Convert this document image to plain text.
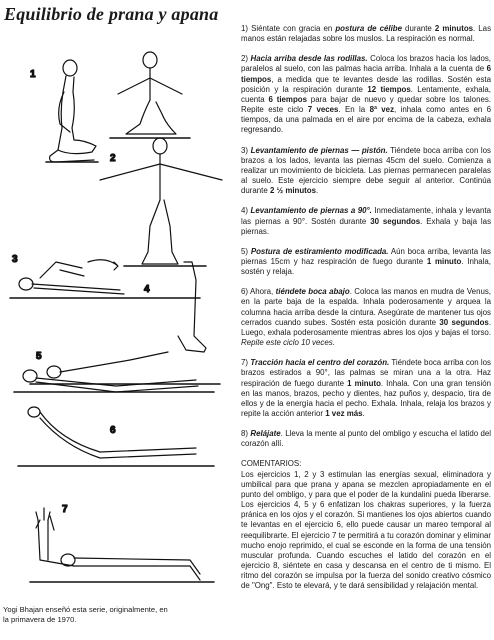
Equilibrio de prana y apana
1
2
3
4
5
6
7
Yogi Bhajan enseñó esta serie, originalmente, en la primavera de 1970.

1) Siéntate con gracia en postura de célibe durante 2 minutos. Las manos están relajadas sobre los muslos. La respiración es normal.

2) Hacia arriba desde las rodillas. Coloca los brazos hacia los lados, paralelos al suelo, con las palmas hacia arriba. Inhala a la cuenta de 6 tiempos, a medida que te levantes desde las rodillas. Sostén esta posición y la respiración durante 12 tiempos. Lentamente, exhala, cuenta 6 tiempos para bajar de nuevo y quedar sobre los talones. Repite este ciclo 7 veces. En la 8ª vez, inhala como antes en 6 tiempos, da una palmada en el aire por encima de la cabeza, exhala regresando.

3) Levantamiento de piernas — pistón. Tiéndete boca arriba con los brazos a los lados, levanta las piernas 45cm del suelo. Comienza a realizar un movimiento de bicicleta. Las piernas permanecen paralelas al suelo. Este ejercicio siempre debe seguir al anterior. Continúa durante 2 ½ minutos.

4) Levantamiento de piernas a 90°. Inmediatamente, inhala y levanta las piernas a 90°. Sostén durante 30 segundos. Exhala y baja las piernas.

5) Postura de estiramiento modificada. Aún boca arriba, levanta las piernas 15cm y haz respiración de fuego durante 1 minuto. Inhala, sostén y relaja.

6) Ahora, tiéndete boca abajo. Coloca las manos en mudra de Venus, en la parte baja de la espalda. Inhala poderosamente y arquea la columna hacia arriba desde la cintura. Asegúrate de mantener tus ojos cerrados cuando subes. Sostén esta posición durante 30 segundos. Luego, exhala poderosamente mientras abres los ojos y bajas el torso. Repite este ciclo 10 veces.

7) Tracción hacia el centro del corazón. Tiéndete boca arriba con los brazos estirados a 90°, las palmas se miran una a la otra. Haz respiración de fuego durante 1 minuto. Inhala. Con una gran tensión en las manos, brazos, pecho y dientes, haz puños y, despacio, tira de ellos y de la energía hacia el pecho. Exhala. Inhala, relaja los brazos y repite la acción anterior 1 vez más.

8) Relájate. Lleva la mente al punto del ombligo y escucha el latido del corazón allí.

COMENTARIOS:

Los ejercicios 1, 2 y 3 estimulan las energías sexual, eliminadora y umbilical para que prana y apana se mezclen apropiadamente en el punto del ombligo, y para que el poder de la kundalini pueda liberarse. Los ejercicios 4, 5 y 6 enfatizan los chakras superiores, y la fuerza pránica en los ojos y el corazón. Si mantienes los ojos abiertos cuando te levantas en el ejercicio 6, ello puede causar un mareo temporal al reequilibrarte. El ejercicio 7 te permitirá a tu corazón dominar y eliminar mucho enojo reprimido, el cual se esconde en la forma de una tensión muscular profunda. Cuando escuches el latido del corazón en el ejercicio 8, siéntete en casa y descansa en el centro de ti mismo. El ritmo del corazón se impulsa por la fuerza del sonido creativo cósmico de "Ong". Esto te elevará, y te dará sensibilidad y relajación mental.
